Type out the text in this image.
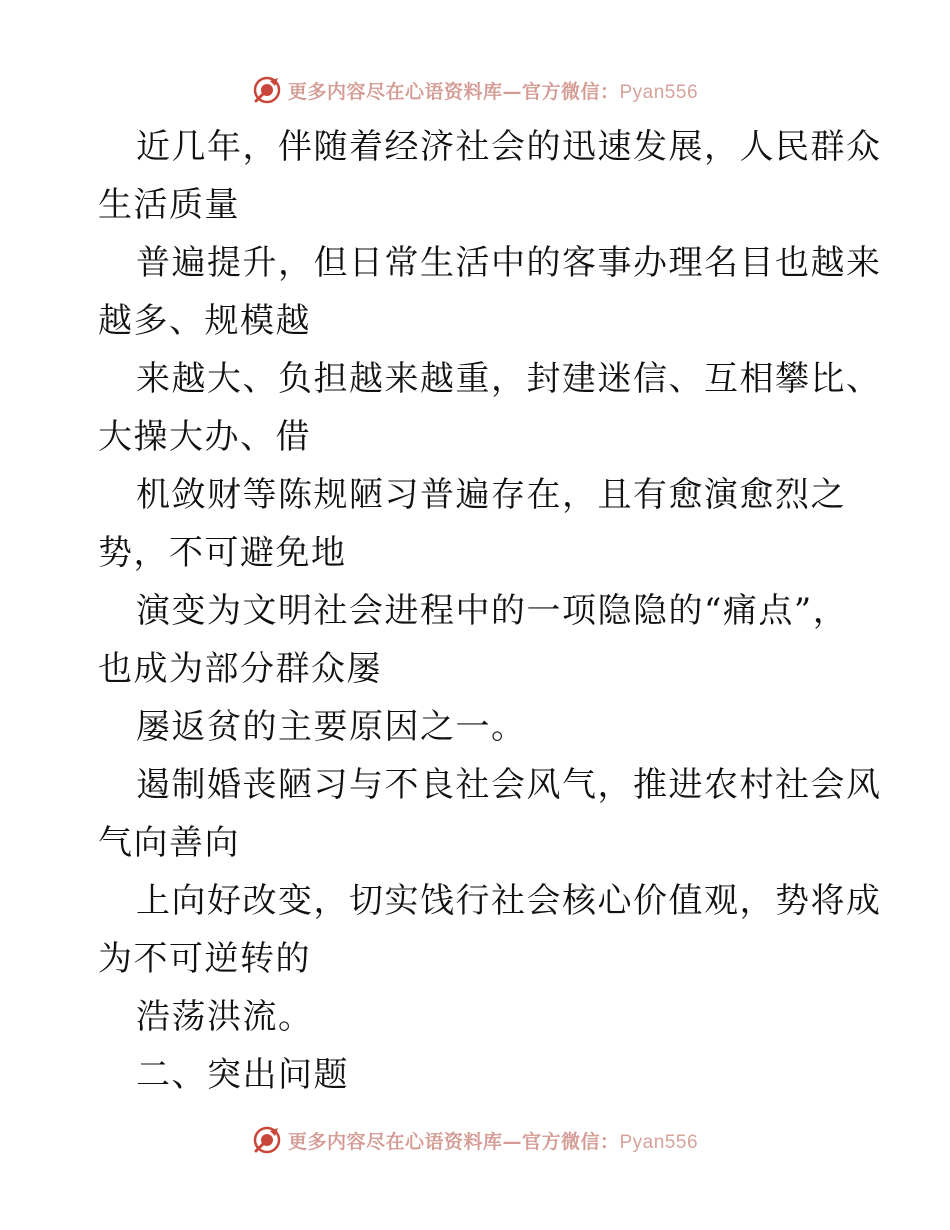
更多内容尽在心语资料库—官方微信：Pyan556

近几年，伴随着经济社会的迅速发展，人民群众

生活质量

普遍提升，但日常生活中的客事办理名目也越来

越多、规模越

来越大、负担越来越重，封建迷信、互相攀比、

大操大办、借

机敛财等陈规陋习普遍存在，且有愈演愈烈之

势，不可避免地

演变为文明社会进程中的一项隐隐的“痛点”，

也成为部分群众屡

屡返贫的主要原因之一。

遏制婚丧陋习与不良社会风气，推进农村社会风

气向善向

上向好改变，切实饯行社会核心价值观，势将成

为不可逆转的

浩荡洪流。

二、突出问题

更多内容尽在心语资料库—官方微信：Pyan556
